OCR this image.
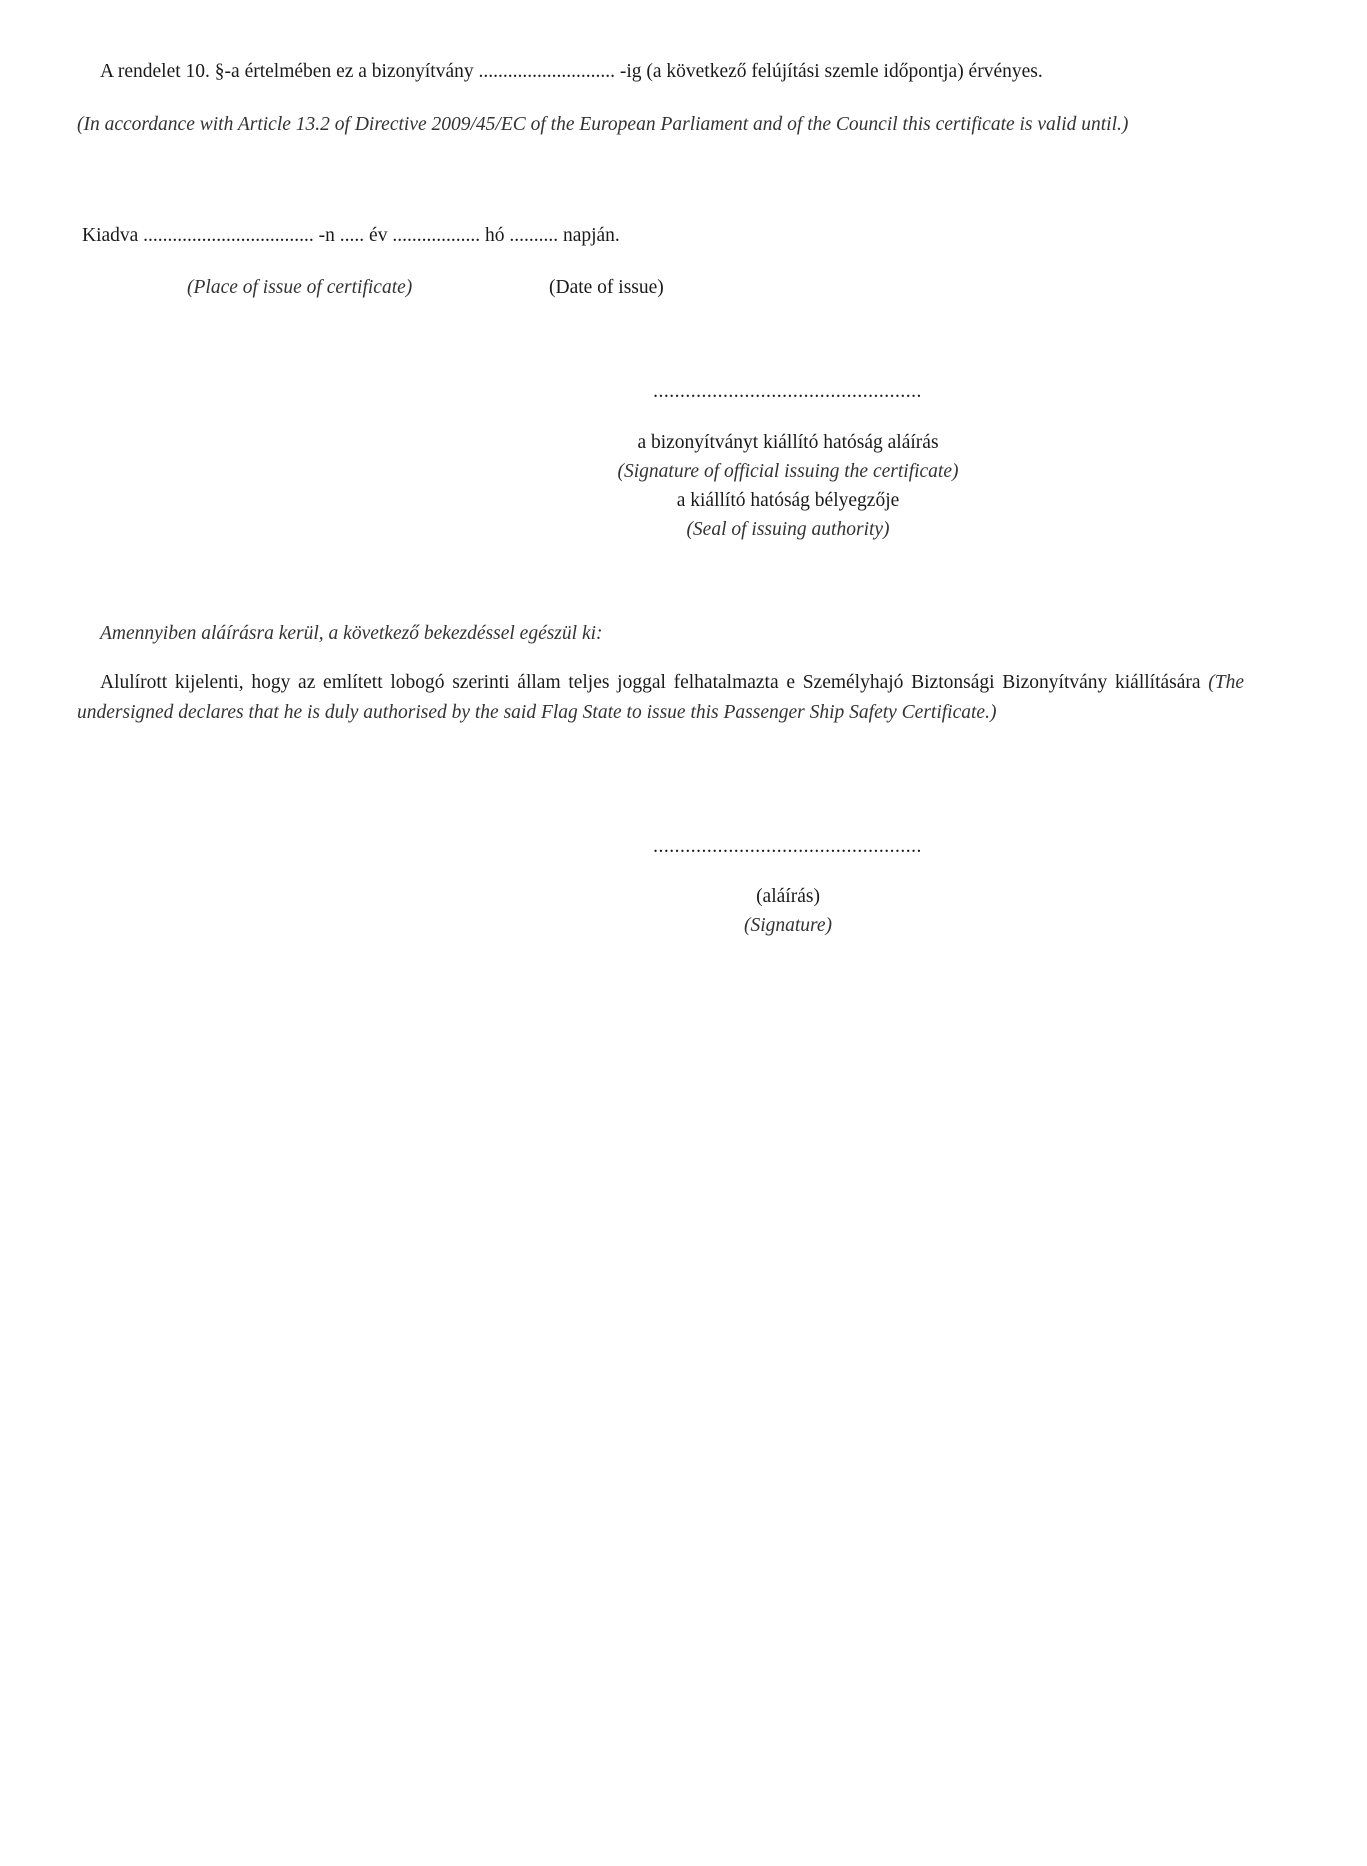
A rendelet 10. §-a értelmében ez a bizonyítvány ............................ -ig (a következő felújítási szemle időpontja) érvényes.
(In accordance with Article 13.2 of Directive 2009/45/EC of the European Parliament and of the Council this certificate is valid until.)
Kiadva ................................... -n ..... év .................. hó .......... napján.
(Place of issue of certificate)	(Date of issue)
..................................................
a bizonyítványt kiállító hatóság aláírás
(Signature of official issuing the certificate)
a kiállító hatóság bélyegzője
(Seal of issuing authority)
Amennyiben aláírásra kerül, a következő bekezdéssel egészül ki:
Alulírott kijelenti, hogy az említett lobogó szerinti állam teljes joggal felhatalmazta e Személyhajó Biztonsági Bizonyítvány kiállítására (The undersigned declares that he is duly authorised by the said Flag State to issue this Passenger Ship Safety Certificate.)
..................................................
(aláírás)
(Signature)
